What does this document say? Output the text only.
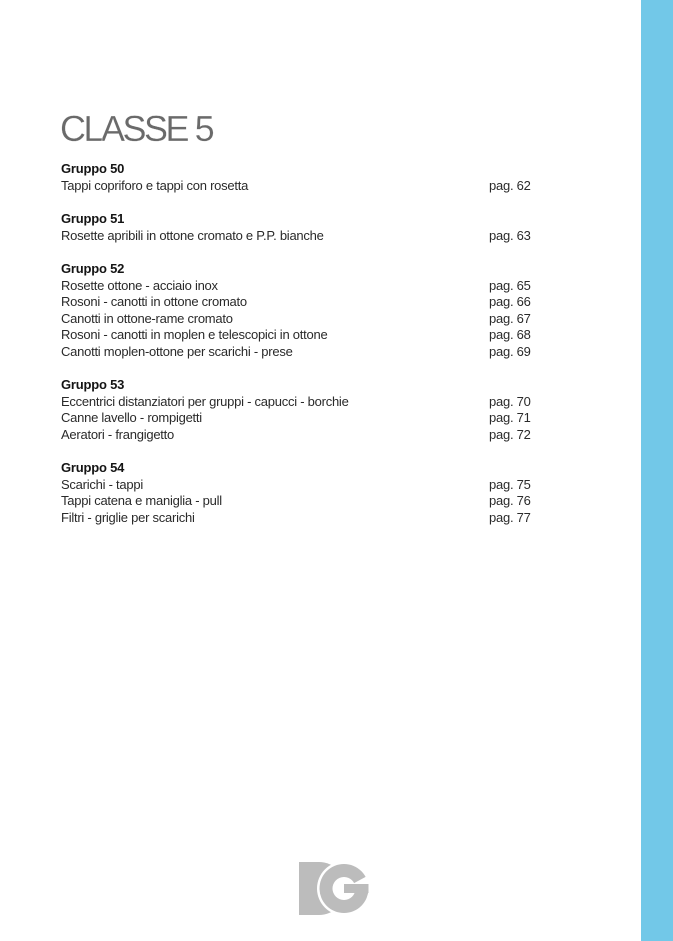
CLASSE 5
Gruppo 50
Tappi copriforo e tappi con rosetta	pag. 62
Gruppo 51
Rosette apribili in ottone cromato e P.P. bianche	pag. 63
Gruppo 52
Rosette ottone - acciaio inox	pag. 65
Rosoni - canotti in ottone cromato	pag. 66
Canotti in ottone-rame cromato	pag. 67
Rosoni - canotti in moplen e telescopici in ottone	pag. 68
Canotti moplen-ottone per scarichi - prese	pag. 69
Gruppo 53
Eccentrici distanziatori per gruppi - capucci - borchie	pag. 70
Canne lavello - rompigetti	pag. 71
Aeratori - frangigetto	pag. 72
Gruppo 54
Scarichi - tappi	pag. 75
Tappi catena e maniglia - pull	pag. 76
Filtri - griglie per scarichi	pag. 77
